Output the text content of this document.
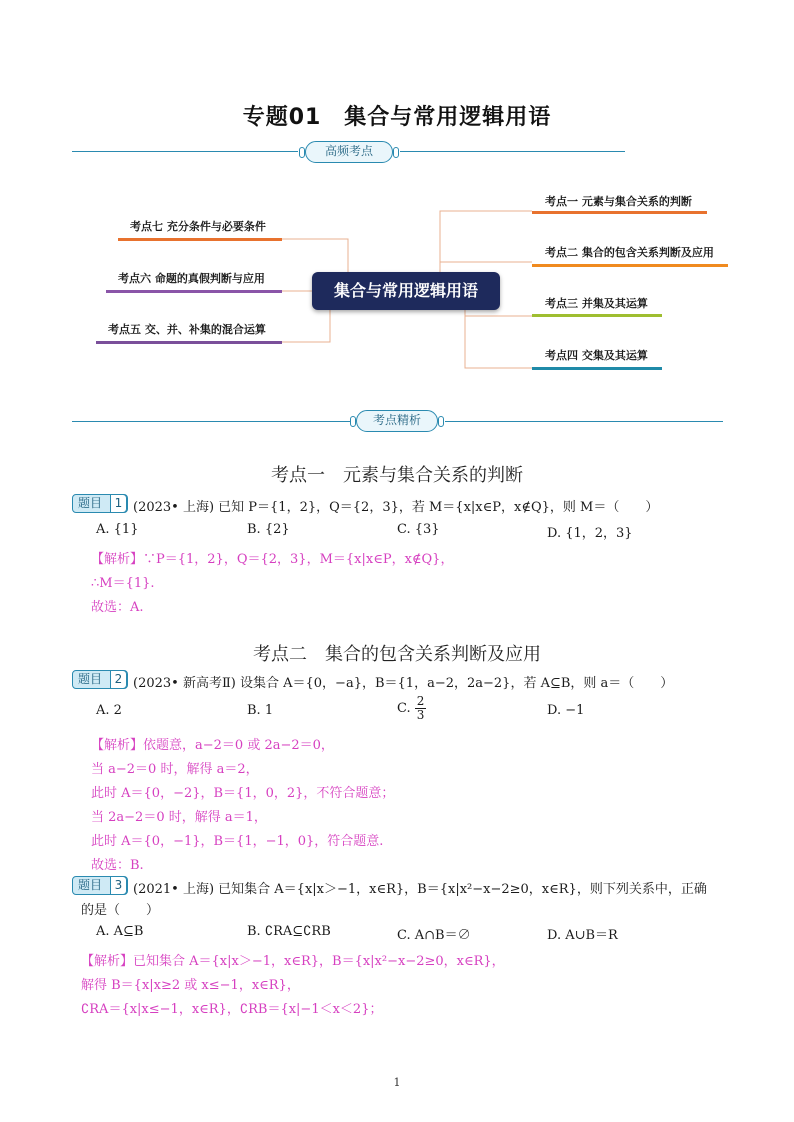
专题01　集合与常用逻辑用语
高频考点
集合与常用逻辑用语
考点一 元素与集合关系的判断
考点二 集合的包含关系判断及应用
考点三 并集及其运算
考点四 交集及其运算
考点七 充分条件与必要条件
考点六 命题的真假判断与应用
考点五 交、并、补集的混合运算
考点精析
考点一　元素与集合关系的判断
题目	1 (2023• 上海) 已知 P＝{1，2}，Q＝{2，3}，若 M＝{x|x∈P，x∉Q}，则 M＝（　　）
A. {1}	B. {2}	C. {3}	D. {1，2，3}
【解析】∵P＝{1，2}，Q＝{2，3}，M＝{x|x∈P，x∉Q}，
∴M＝{1}.
故选：A.
考点二　集合的包含关系判断及应用
题目	2 (2023• 新高考Ⅱ) 设集合 A＝{0，−a}，B＝{1，a−2，2a−2}，若 A⊆B，则 a＝（　　）
A. 2	B. 1	C. $\frac{2}{3}$	D. −1
【解析】依题意，a−2＝0 或 2a−2＝0，
当 a−2＝0 时，解得 a＝2，
此时 A＝{0，−2}，B＝{1，0，2}，不符合题意；
当 2a−2＝0 时，解得 a＝1，
此时 A＝{0，−1}，B＝{1，−1，0}，符合题意.
故选：B.
题目	3 (2021• 上海) 已知集合 A＝{x|x＞−1，x∈R}，B＝{x|x²−x−2≥0，x∈R}，则下列关系中，正确
的是（　　）
A. A⊆B	B. ∁RA⊆∁RB	C. A∩B＝∅	D. A∪B＝R
【解析】已知集合 A＝{x|x＞−1，x∈R}，B＝{x|x²−x−2≥0，x∈R}，
解得 B＝{x|x≥2 或 x≤−1，x∈R}，
∁RA＝{x|x≤−1，x∈R}，∁RB＝{x|−1＜x＜2}；
1
